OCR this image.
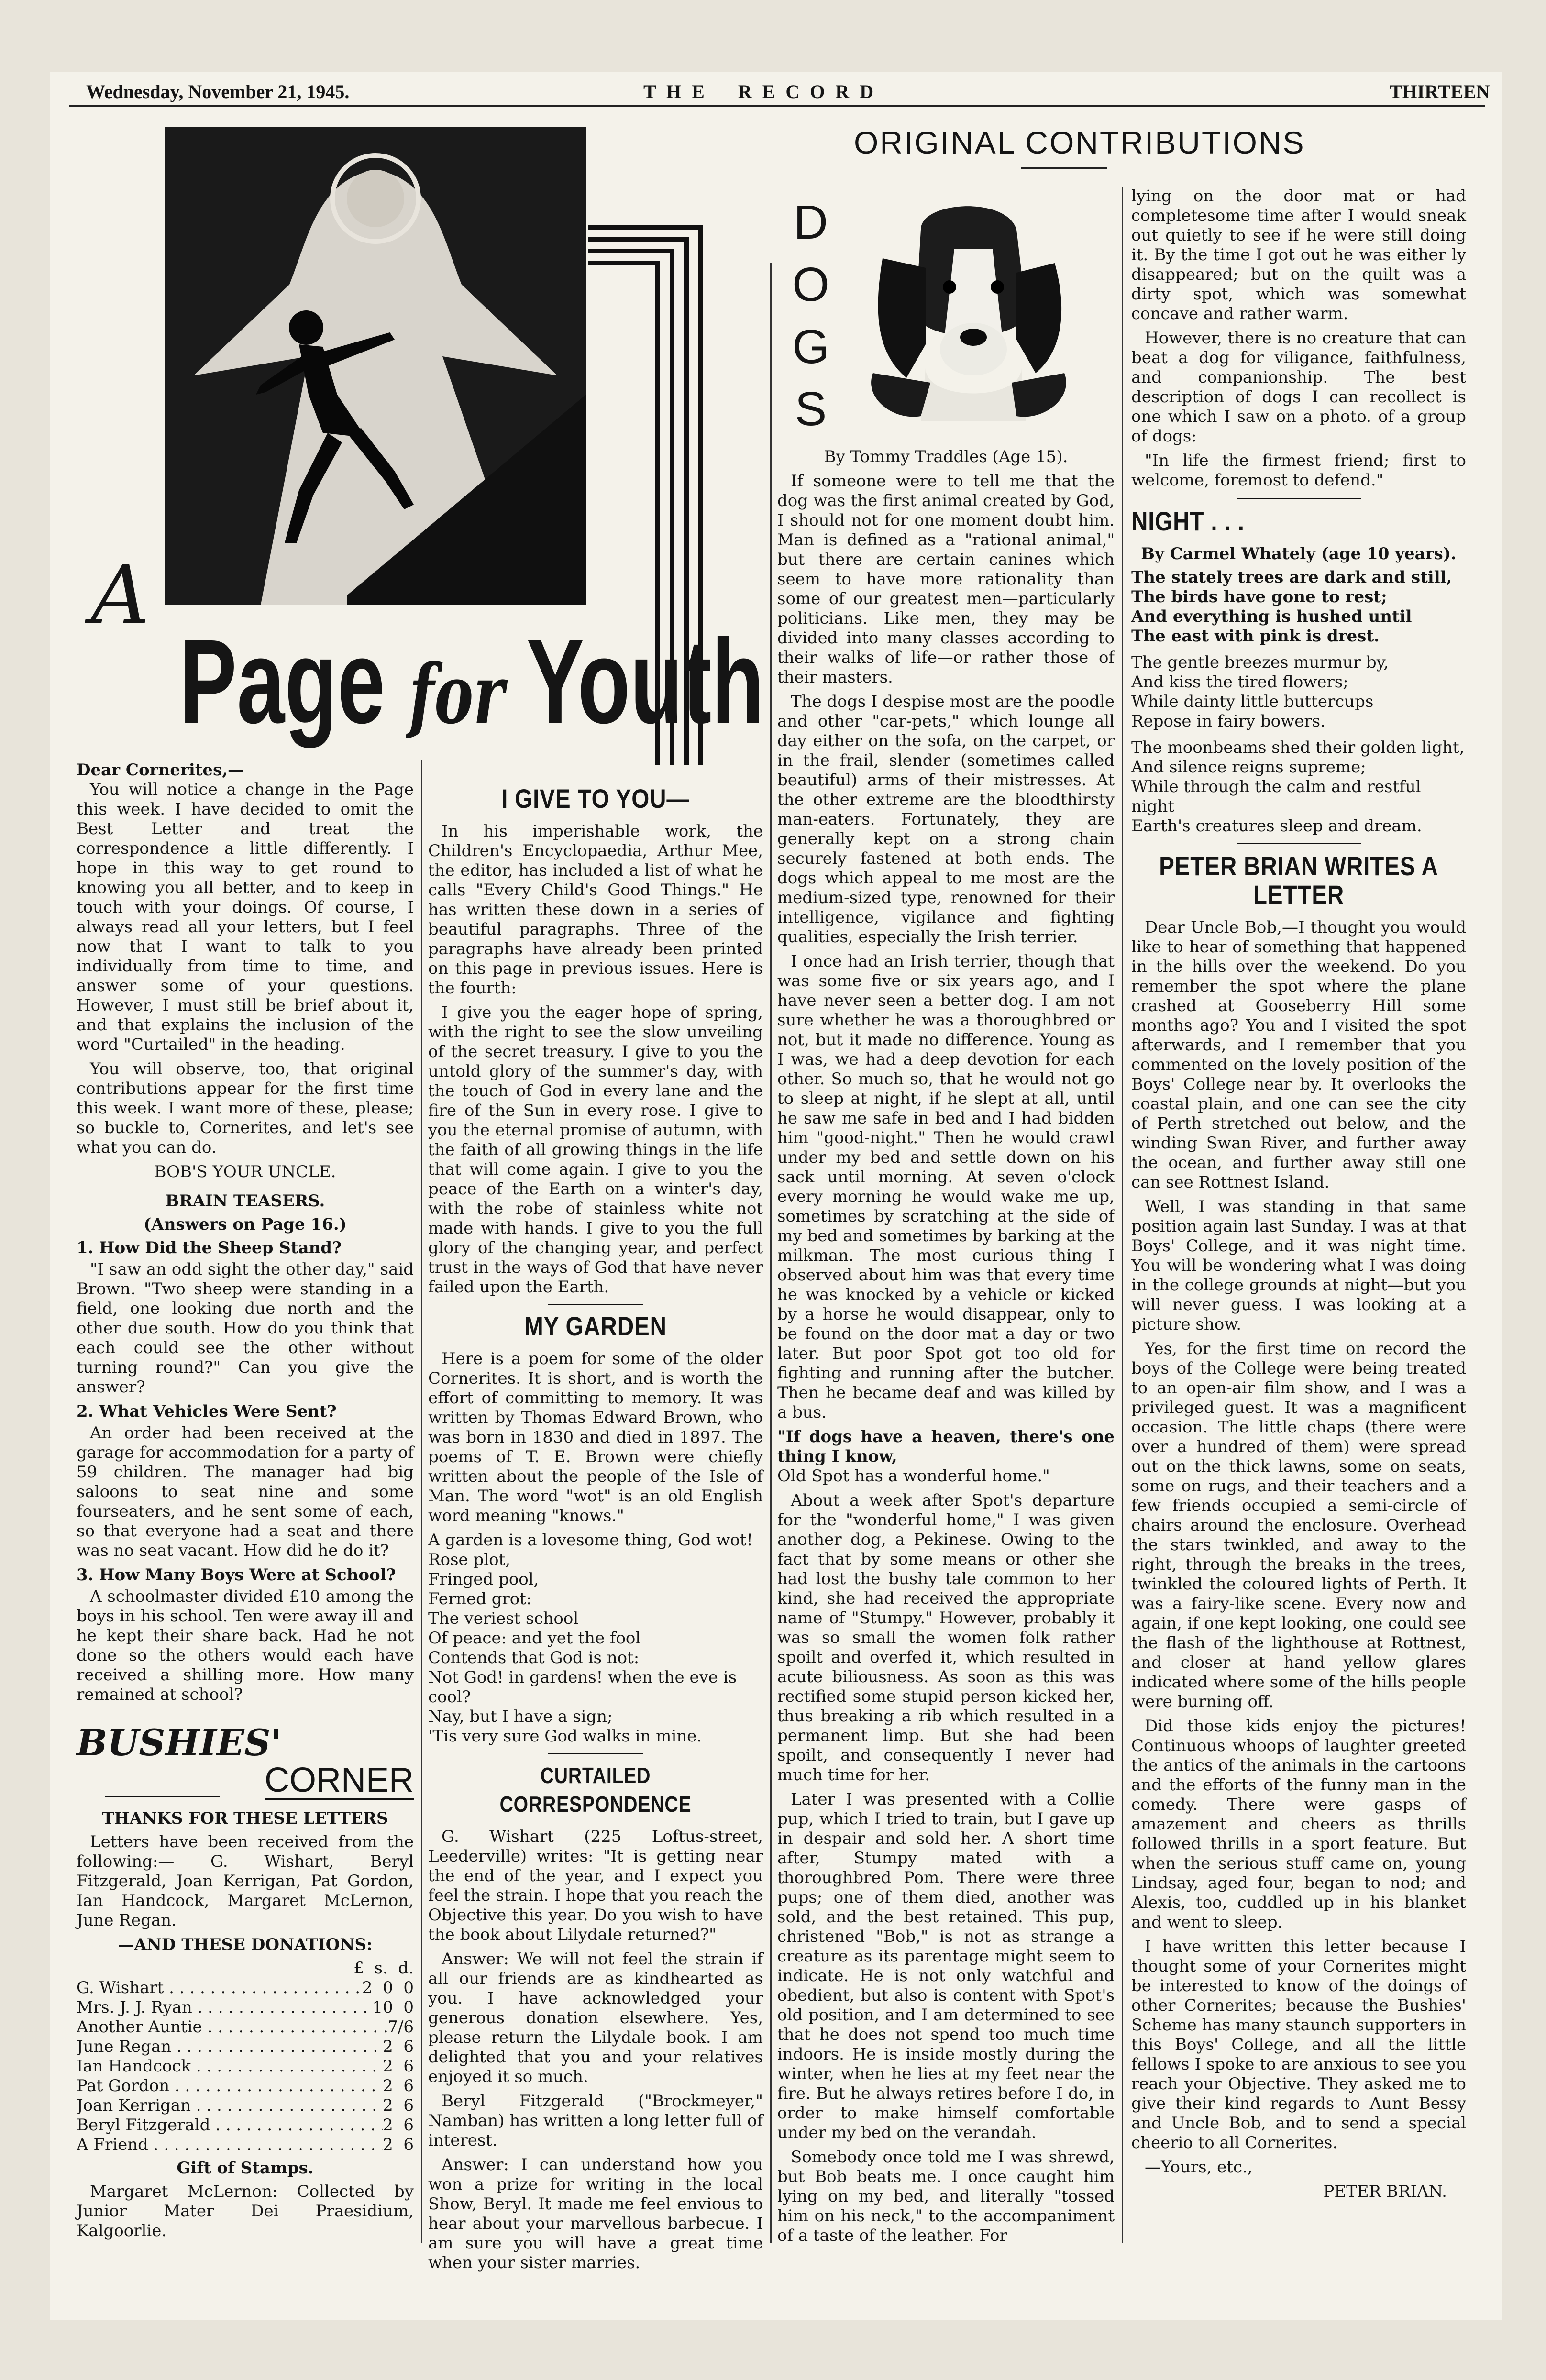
Wednesday, November 21, 1945.	T H E    R E C O R D	THIRTEEN
A
Page for Youth
Dear Cornerites,—

You will notice a change in the Page this week. I have decided to omit the Best Letter and treat the correspondence a little differently. I hope in this way to get round to knowing you all better, and to keep in touch with your doings. Of course, I always read all your letters, but I feel now that I want to talk to you individually from time to time, and answer some of your questions. However, I must still be brief about it, and that explains the inclusion of the word "Curtailed" in the heading.

You will observe, too, that original contributions appear for the first time this week. I want more of these, please; so buckle to, Cornerites, and let's see what you can do.

BOB'S YOUR UNCLE.
BRAIN TEASERS.
(Answers on Page 16.)
1. How Did the Sheep Stand?

"I saw an odd sight the other day," said Brown. "Two sheep were standing in a field, one looking due north and the other due south. How do you think that each could see the other without turning round?" Can you give the answer?

2. What Vehicles Were Sent?

An order had been received at the garage for accommodation for a party of 59 children. The manager had big saloons to seat nine and some fourseaters, and he sent some of each, so that everyone had a seat and there was no seat vacant. How did he do it?

3. How Many Boys Were at School?

A schoolmaster divided £10 among the boys in his school. Ten were away ill and he kept their share back. Had he not done so the others would each have received a shilling more. How many remained at school?

BUSHIES'
CORNER
THANKS FOR THESE LETTERS

Letters have been received from the following:— G. Wishart, Beryl Fitzgerald, Joan Kerrigan, Pat Gordon, Ian Handcock, Margaret McLernon, June Regan.

—AND THESE DONATIONS:
£  s.  d.
G. Wishart . . .	2  0  0
Mrs. J. J. Ryan . . .	10  0
Another Auntie . . .	7/6
June Regan . . .	2  6
Ian Handcock . . .	2  6
Pat Gordon . . .	2  6
Joan Kerrigan . . .	2  6
Beryl Fitzgerald . . .	2  6
A Friend . . .	2  6
Gift of Stamps.

Margaret McLernon: Collected by Junior Mater Dei Praesidium, Kalgoorlie.

I GIVE TO YOU—

In his imperishable work, the Children's Encyclopaedia, Arthur Mee, the editor, has included a list of what he calls "Every Child's Good Things." He has written these down in a series of beautiful paragraphs. Three of the paragraphs have already been printed on this page in previous issues. Here is the fourth:

I give you the eager hope of spring, with the right to see the slow unveiling of the secret treasury. I give to you the untold glory of the summer's day, with the touch of God in every lane and the fire of the Sun in every rose. I give to you the eternal promise of autumn, with the faith of all growing things in the life that will come again. I give to you the peace of the Earth on a winter's day, with the robe of stainless white not made with hands. I give to you the full glory of the changing year, and perfect trust in the ways of God that have never failed upon the Earth.

MY GARDEN

Here is a poem for some of the older Cornerites. It is short, and is worth the effort of committing to memory. It was written by Thomas Edward Brown, who was born in 1830 and died in 1897. The poems of T. E. Brown were chiefly written about the people of the Isle of Man. The word "wot" is an old English word meaning "knows."

A garden is a lovesome thing, God wot!
Rose plot,
Fringed pool,
Ferned grot:
The veriest school
Of peace: and yet the fool
Contends that God is not:
Not God! in gardens! when the eve is cool?
Nay, but I have a sign;
'Tis very sure God walks in mine.
CURTAILED CORRESPONDENCE

G. Wishart (225 Loftus-street, Leederville) writes: "It is getting near the end of the year, and I expect you feel the strain. I hope that you reach the Objective this year. Do you wish to have the book about Lilydale returned?"

Answer: We will not feel the strain if all our friends are as kindhearted as you. I have acknowledged your generous donation elsewhere. Yes, please return the Lilydale book. I am delighted that you and your relatives enjoyed it so much.

Beryl Fitzgerald ("Brockmeyer," Namban) has written a long letter full of interest.

Answer: I can understand how you won a prize for writing in the local Show, Beryl. It made me feel envious to hear about your marvellous barbecue. I am sure you will have a great time when your sister marries.

ORIGINAL CONTRIBUTIONS
D
O
G
S
By Tommy Traddles (Age 15).

If someone were to tell me that the dog was the first animal created by God, I should not for one moment doubt him. Man is defined as a "rational animal," but there are certain canines which seem to have more rationality than some of our greatest men—particularly politicians. Like men, they may be divided into many classes according to their walks of life—or rather those of their masters.

The dogs I despise most are the poodle and other "car-pets," which lounge all day either on the sofa, on the carpet, or in the frail, slender (sometimes called beautiful) arms of their mistresses. At the other extreme are the bloodthirsty man-eaters. Fortunately, they are generally kept on a strong chain securely fastened at both ends. The dogs which appeal to me most are the medium-sized type, renowned for their intelligence, vigilance and fighting qualities, especially the Irish terrier.

I once had an Irish terrier, though that was some five or six years ago, and I have never seen a better dog. I am not sure whether he was a thoroughbred or not, but it made no difference. Young as I was, we had a deep devotion for each other. So much so, that he would not go to sleep at night, if he slept at all, until he saw me safe in bed and I had bidden him "good-night." Then he would crawl under my bed and settle down on his sack until morning. At seven o'clock every morning he would wake me up, sometimes by scratching at the side of my bed and sometimes by barking at the milkman. The most curious thing I observed about him was that every time he was knocked by a vehicle or kicked by a horse he would disappear, only to be found on the door mat a day or two later. But poor Spot got too old for fighting and running after the butcher. Then he became deaf and was killed by a bus.

"If dogs have a heaven, there's one thing I know,
Old Spot has a wonderful home."

About a week after Spot's departure for the "wonderful home," I was given another dog, a Pekinese. Owing to the fact that by some means or other she had lost the bushy tale common to her kind, she had received the appropriate name of "Stumpy." However, probably it was so small the women folk rather spoilt and overfed it, which resulted in acute biliousness. As soon as this was rectified some stupid person kicked her, thus breaking a rib which resulted in a permanent limp. But she had been spoilt, and consequently I never had much time for her.

Later I was presented with a Collie pup, which I tried to train, but I gave up in despair and sold her. A short time after, Stumpy mated with a thoroughbred Pom. There were three pups; one of them died, another was sold, and the best retained. This pup, christened "Bob," is not as strange a creature as its parentage might seem to indicate. He is not only watchful and obedient, but also is content with Spot's old position, and I am determined to see that he does not spend too much time indoors. He is inside mostly during the winter, when he lies at my feet near the fire. But he always retires before I do, in order to make himself comfortable under my bed on the verandah.

Somebody once told me I was shrewd, but Bob beats me. I once caught him lying on my bed, and literally "tossed him on his neck," to the accompaniment of a taste of the leather. For

lying on the door mat or had completesome time after I would sneak out quietly to see if he were still doing it. By the time I got out he was either ly disappeared; but on the quilt was a dirty spot, which was somewhat concave and rather warm.

However, there is no creature that can beat a dog for viligance, faithfulness, and companionship. The best description of dogs I can recollect is one which I saw on a photo. of a group of dogs:

"In life the firmest friend; first to welcome, foremost to defend."

NIGHT . . .
By Carmel Whately (age 10 years).
The stately trees are dark and still,
The birds have gone to rest;
And everything is hushed until
The east with pink is drest.
The gentle breezes murmur by,
And kiss the tired flowers;
While dainty little buttercups
Repose in fairy bowers.
The moonbeams shed their golden light,
And silence reigns supreme;
While through the calm and restful night
Earth's creatures sleep and dream.
PETER BRIAN WRITES A LETTER

Dear Uncle Bob,—I thought you would like to hear of something that happened in the hills over the weekend. Do you remember the spot where the plane crashed at Gooseberry Hill some months ago? You and I visited the spot afterwards, and I remember that you commented on the lovely position of the Boys' College near by. It overlooks the coastal plain, and one can see the city of Perth stretched out below, and the winding Swan River, and further away the ocean, and further away still one can see Rottnest Island.

Well, I was standing in that same position again last Sunday. I was at that Boys' College, and it was night time. You will be wondering what I was doing in the college grounds at night—but you will never guess. I was looking at a picture show.

Yes, for the first time on record the boys of the College were being treated to an open-air film show, and I was a privileged guest. It was a magnificent occasion. The little chaps (there were over a hundred of them) were spread out on the thick lawns, some on seats, some on rugs, and their teachers and a few friends occupied a semi-circle of chairs around the enclosure. Overhead the stars twinkled, and away to the right, through the breaks in the trees, twinkled the coloured lights of Perth. It was a fairy-like scene. Every now and again, if one kept looking, one could see the flash of the lighthouse at Rottnest, and closer at hand yellow glares indicated where some of the hills people were burning off.

Did those kids enjoy the pictures! Continuous whoops of laughter greeted the antics of the animals in the cartoons and the efforts of the funny man in the comedy. There were gasps of amazement and cheers as thrills followed thrills in a sport feature. But when the serious stuff came on, young Lindsay, aged four, began to nod; and Alexis, too, cuddled up in his blanket and went to sleep.

I have written this letter because I thought some of your Cornerites might be interested to know of the doings of other Cornerites; because the Bushies' Scheme has many staunch supporters in this Boys' College, and all the little fellows I spoke to are anxious to see you reach your Objective. They asked me to give their kind regards to Aunt Bessy and Uncle Bob, and to send a special cheerio to all Cornerites.

—Yours, etc.,

PETER BRIAN.
